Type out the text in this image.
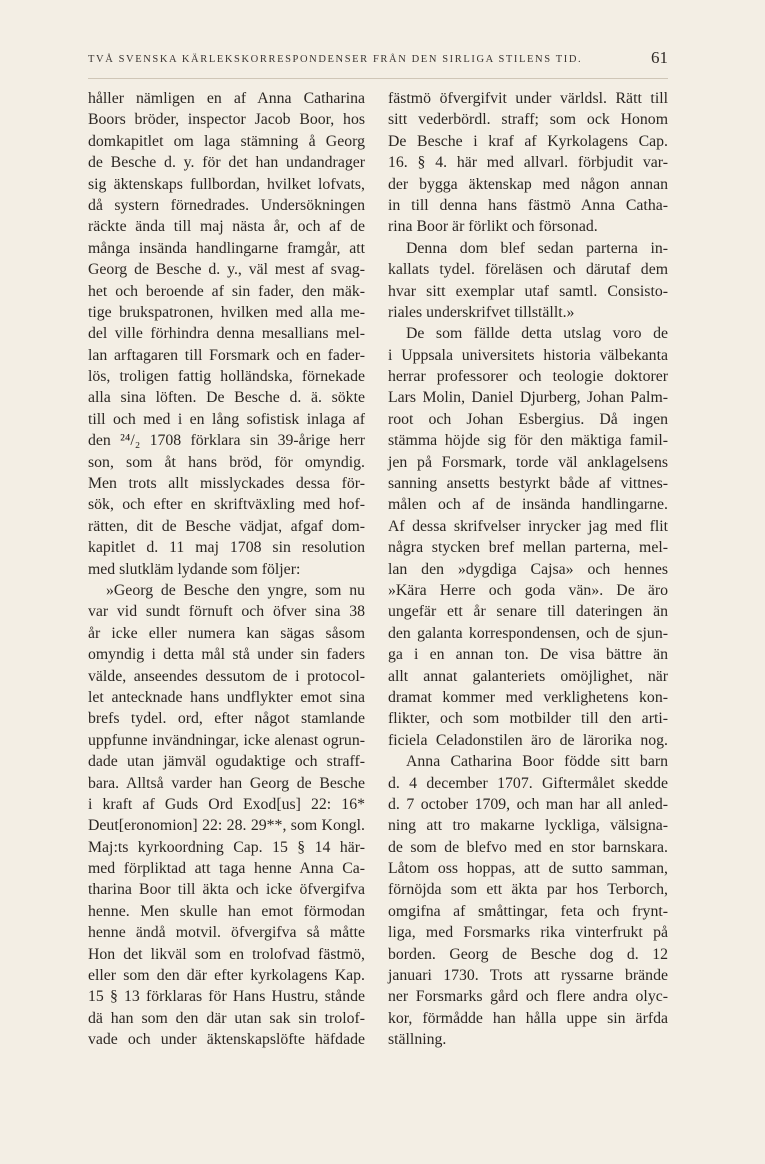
TVÅ SVENSKA KÄRLEKSKORRESPONDENSER FRÅN DEN SIRLIGA STILENS TID.	61
håller nämligen en af Anna Catharina
Boors bröder, inspector Jacob Boor, hos
domkapitlet om laga stämning å Georg
de Besche d. y. för det han undandrager
sig äktenskaps fullbordan, hvilket lofvats,
då systern förnedrades. Undersökningen
räckte ända till maj nästa år, och af de
många insända handlingarne framgår, att
Georg de Besche d. y., väl mest af svag-
het och beroende af sin fader, den mäk-
tige brukspatronen, hvilken med alla me-
del ville förhindra denna mesallians mel-
lan arftagaren till Forsmark och en fader-
lös, troligen fattig holländska, förnekade
alla sina löften. De Besche d. ä. sökte
till och med i en lång sofistisk inlaga af
den ²⁴/₂ 1708 förklara sin 39-årige herr
son, som åt hans bröd, för omyndig.
Men trots allt misslyckades dessa för-
sök, och efter en skriftväxling med hof-
rätten, dit de Besche vädjat, afgaf dom-
kapitlet d. 11 maj 1708 sin resolution
med slutkläm lydande som följer:
»Georg de Besche den yngre, som nu
var vid sundt förnuft och öfver sina 38
år icke eller numera kan sägas såsom
omyndig i detta mål stå under sin faders
välde, anseendes dessutom de i protocol-
let antecknade hans undflykter emot sina
brefs tydel. ord, efter något stamlande
uppfunne invändningar, icke alenast ogrun-
dade utan jämväl ogudaktige och straff-
bara. Alltså varder han Georg de Besche
i kraft af Guds Ord Exod[us] 22: 16*
Deut[eronomion] 22: 28. 29**, som Kongl.
Maj:ts kyrkoordning Cap. 15 § 14 här-
med förpliktad att taga henne Anna Ca-
tharina Boor till äkta och icke öfvergifva
henne. Men skulle han emot förmodan
henne ändå motvil. öfvergifva så måtte
Hon det likväl som en trolofvad fästmö,
eller som den där efter kyrkolagens Kap.
15 § 13 förklaras för Hans Hustru, stånde
dä han som den där utan sak sin trolof-
vade och under äktenskapslöfte häfdade
fästmö öfvergifvit under världsl. Rätt till
sitt vederbördl. straff; som ock Honom
De Besche i kraf af Kyrkolagens Cap.
16. § 4. här med allvarl. förbjudit var-
der bygga äktenskap med någon annan
in till denna hans fästmö Anna Catha-
rina Boor är förlikt och försonad.
Denna dom blef sedan parterna in-
kallats tydel. föreläsen och därutaf dem
hvar sitt exemplar utaf samtl. Consisto-
riales underskrifvet tillställt.»
De som fällde detta utslag voro de
i Uppsala universitets historia välbekanta
herrar professorer och teologie doktorer
Lars Molin, Daniel Djurberg, Johan Palm-
root och Johan Esbergius. Då ingen
stämma höjde sig för den mäktiga famil-
jen på Forsmark, torde väl anklagelsens
sanning ansetts bestyrkt både af vittnes-
målen och af de insända handlingarne.
Af dessa skrifvelser inrycker jag med flit
några stycken bref mellan parterna, mel-
lan den »dygdiga Cajsa» och hennes
»Kära Herre och goda vän». De äro
ungefär ett år senare till dateringen än
den galanta korrespondensen, och de sjun-
ga i en annan ton. De visa bättre än
allt annat galanteriets omöjlighet, när
dramat kommer med verklighetens kon-
flikter, och som motbilder till den arti-
ficiela Celadonstilen äro de lärorika nog.
Anna Catharina Boor födde sitt barn
d. 4 december 1707. Giftermålet skedde
d. 7 october 1709, och man har all anled-
ning att tro makarne lyckliga, välsigna-
de som de blefvo med en stor barnskara.
Låtom oss hoppas, att de sutto samman,
förnöjda som ett äkta par hos Terborch,
omgifna af småttingar, feta och frynt-
liga, med Forsmarks rika vinterfrukt på
borden. Georg de Besche dog d. 12
januari 1730. Trots att ryssarne brände
ner Forsmarks gård och flere andra olyc-
kor, förmådde han hålla uppe sin ärfda
ställning.
